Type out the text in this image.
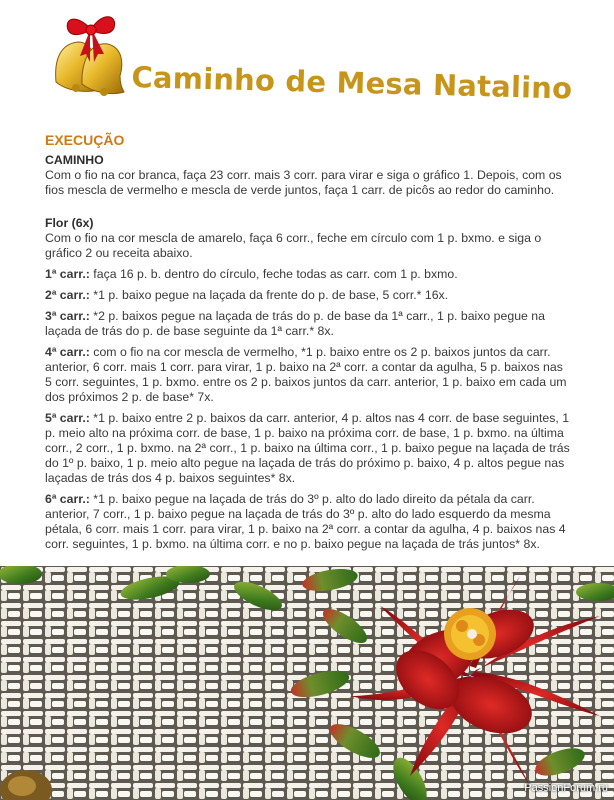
Caminho de Mesa Natalino
EXECUÇÃO
CAMINHO

Com o fio na cor branca, faça 23 corr. mais 3 corr. para virar e siga o gráfico 1. Depois, com os fios mescla de vermelho e mescla de verde juntos, faça 1 carr. de picôs ao redor do caminho.

Flor (6x)

Com o fio na cor mescla de amarelo, faça 6 corr., feche em círculo com 1 p. bxmo. e siga o gráfico 2 ou receita abaixo.

1ª carr.: faça 16 p. b. dentro do círculo, feche todas as carr. com 1 p. bxmo.

2ª carr.: *1 p. baixo pegue na laçada da frente do p. de base, 5 corr.* 16x.

3ª carr.: *2 p. baixos pegue na laçada de trás do p. de base da 1ª carr., 1 p. baixo pegue na laçada de trás do p. de base seguinte da 1ª carr.* 8x.

4ª carr.: com o fio na cor mescla de vermelho, *1 p. baixo entre os 2 p. baixos juntos da carr. anterior, 6 corr. mais 1 corr. para virar, 1 p. baixo na 2ª corr. a contar da agulha, 5 p. baixos nas 5 corr. seguintes, 1 p. bxmo. entre os 2 p. baixos juntos da carr. anterior, 1 p. baixo em cada um dos próximos 2 p. de base* 7x.

5ª carr.: *1 p. baixo entre 2 p. baixos da carr. anterior, 4 p. altos nas 4 corr. de base seguintes, 1 p. meio alto na próxima corr. de base, 1 p. baixo na próxima corr. de base, 1 p. bxmo. na última corr., 2 corr., 1 p. bxmo. na 2ª corr., 1 p. baixo na última corr., 1 p. baixo pegue na laçada de trás do 1º p. baixo, 1 p. meio alto pegue na laçada de trás do próximo p. baixo, 4 p. altos pegue nas laçadas de trás dos 4 p. baixos seguintes* 8x.

6ª carr.: *1 p. baixo pegue na laçada de trás do 3º p. alto do lado direito da pétala da carr. anterior, 7 corr., 1 p. baixo pegue na laçada de trás do 3º p. alto do lado esquerdo da mesma pétala, 6 corr. mais 1 corr. para virar, 1 p. baixo na 2ª corr. a contar da agulha, 4 p. baixos nas 4 corr. seguintes, 1 p. bxmo. na última corr. e no p. baixo pegue na laçada de trás juntos* 8x.

PassionForum.ru
